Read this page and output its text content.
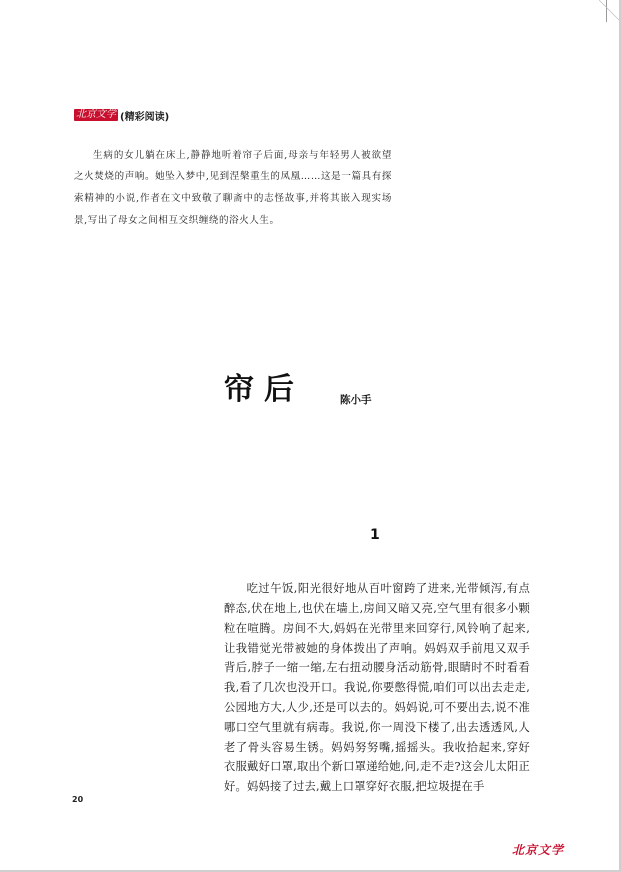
北京文学 (精彩阅读)

生病的女儿躺在床上,静静地听着帘子后面,母亲与年轻男人被欲望之火焚烧的声响。她坠入梦中,见到涅槃重生的凤凰……这是一篇具有探索精神的小说,作者在文中致敬了聊斋中的志怪故事,并将其嵌入现实场景,写出了母女之间相互交织缠绕的浴火人生。

帘后	陈小手
1

吃过午饭,阳光很好地从百叶窗跨了进来,光带倾泻,有点醉态,伏在地上,也伏在墙上,房间又暗又亮,空气里有很多小颗粒在喧腾。房间不大,妈妈在光带里来回穿行,风铃响了起来,让我错觉光带被她的身体拨出了声响。妈妈双手前甩又双手背后,脖子一缩一缩,左右扭动腰身活动筋骨,眼睛时不时看看我,看了几次也没开口。我说,你要憋得慌,咱们可以出去走走,公园地方大,人少,还是可以去的。妈妈说,可不要出去,说不准哪口空气里就有病毒。我说,你一周没下楼了,出去透透风,人老了骨头容易生锈。妈妈努努嘴,摇摇头。我收拾起来,穿好衣服戴好口罩,取出个新口罩递给她,问,走不走?这会儿太阳正好。妈妈接了过去,戴上口罩穿好衣服,把垃圾提在手

20
北京文学
